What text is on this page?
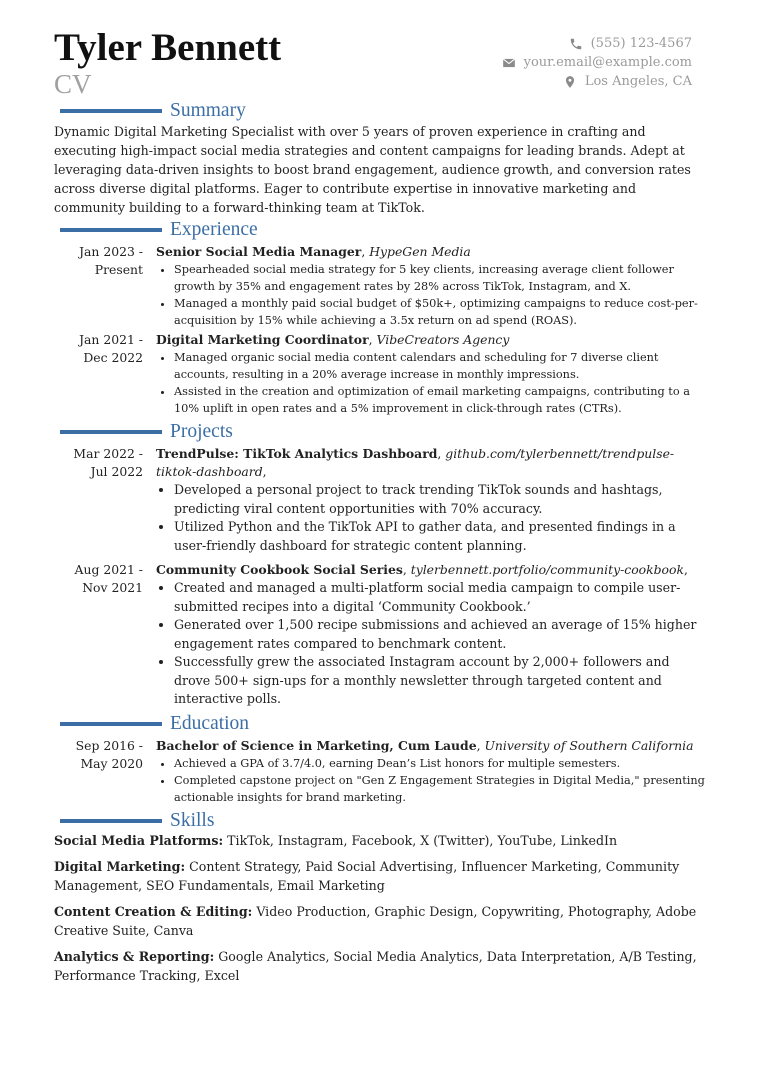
Tyler Bennett
CV
(555) 123-4567
your.email@example.com
Los Angeles, CA
Summary

Dynamic Digital Marketing Specialist with over 5 years of proven experience in crafting and executing high-impact social media strategies and content campaigns for leading brands. Adept at leveraging data-driven insights to boost brand engagement, audience growth, and conversion rates across diverse digital platforms. Eager to contribute expertise in innovative marketing and community building to a forward-thinking team at TikTok.

Experience
Jan 2023 - Present
Senior Social Media Manager, HypeGen Media
• Spearheaded social media strategy for 5 key clients, increasing average client follower growth by 35% and engagement rates by 28% across TikTok, Instagram, and X.
• Managed a monthly paid social budget of $50k+, optimizing campaigns to reduce cost-per-acquisition by 15% while achieving a 3.5x return on ad spend (ROAS).
Jan 2021 - Dec 2022
Digital Marketing Coordinator, VibeCreators Agency
• Managed organic social media content calendars and scheduling for 7 diverse client accounts, resulting in a 20% average increase in monthly impressions.
• Assisted in the creation and optimization of email marketing campaigns, contributing to a 10% uplift in open rates and a 5% improvement in click-through rates (CTRs).
Projects
Mar 2022 - Jul 2022
TrendPulse: TikTok Analytics Dashboard, github.com/tylerbennett/trendpulse-tiktok-dashboard,
• Developed a personal project to track trending TikTok sounds and hashtags, predicting viral content opportunities with 70% accuracy.
• Utilized Python and the TikTok API to gather data, and presented findings in a user-friendly dashboard for strategic content planning.
Aug 2021 - Nov 2021
Community Cookbook Social Series, tylerbennett.portfolio/community-cookbook,
• Created and managed a multi-platform social media campaign to compile user-submitted recipes into a digital ‘Community Cookbook.’
• Generated over 1,500 recipe submissions and achieved an average of 15% higher engagement rates compared to benchmark content.
• Successfully grew the associated Instagram account by 2,000+ followers and drove 500+ sign-ups for a monthly newsletter through targeted content and interactive polls.
Education
Sep 2016 - May 2020
Bachelor of Science in Marketing, Cum Laude, University of Southern California
• Achieved a GPA of 3.7/4.0, earning Dean’s List honors for multiple semesters.
• Completed capstone project on "Gen Z Engagement Strategies in Digital Media," presenting actionable insights for brand marketing.
Skills

Social Media Platforms: TikTok, Instagram, Facebook, X (Twitter), YouTube, LinkedIn

Digital Marketing: Content Strategy, Paid Social Advertising, Influencer Marketing, Community Management, SEO Fundamentals, Email Marketing

Content Creation & Editing: Video Production, Graphic Design, Copywriting, Photography, Adobe Creative Suite, Canva

Analytics & Reporting: Google Analytics, Social Media Analytics, Data Interpretation, A/B Testing, Performance Tracking, Excel
